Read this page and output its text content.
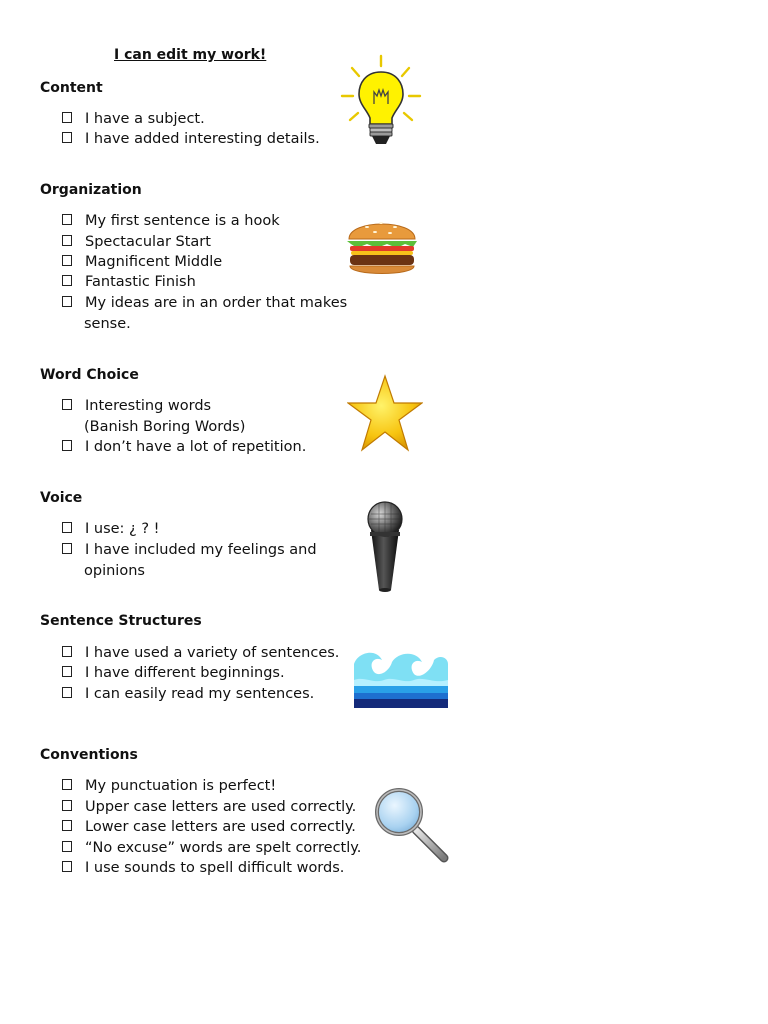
I can edit my work!
Content
I have a subject.
I have added interesting details.
Organization
My first sentence is a hook
Spectacular Start
Magnificent Middle
Fantastic Finish
My ideas are in an order that makes
sense.
Word Choice
Interesting words
(Banish Boring Words)
I don’t have a lot of repetition.
Voice
I use: ¿ ? !
I have included my feelings and
opinions
Sentence Structures
I have used a variety of sentences.
I have different beginnings.
I can easily read my sentences.
Conventions
My punctuation is perfect!
Upper case letters are used correctly.
Lower case letters are used correctly.
“No excuse” words are spelt correctly.
I use sounds to spell difficult words.
